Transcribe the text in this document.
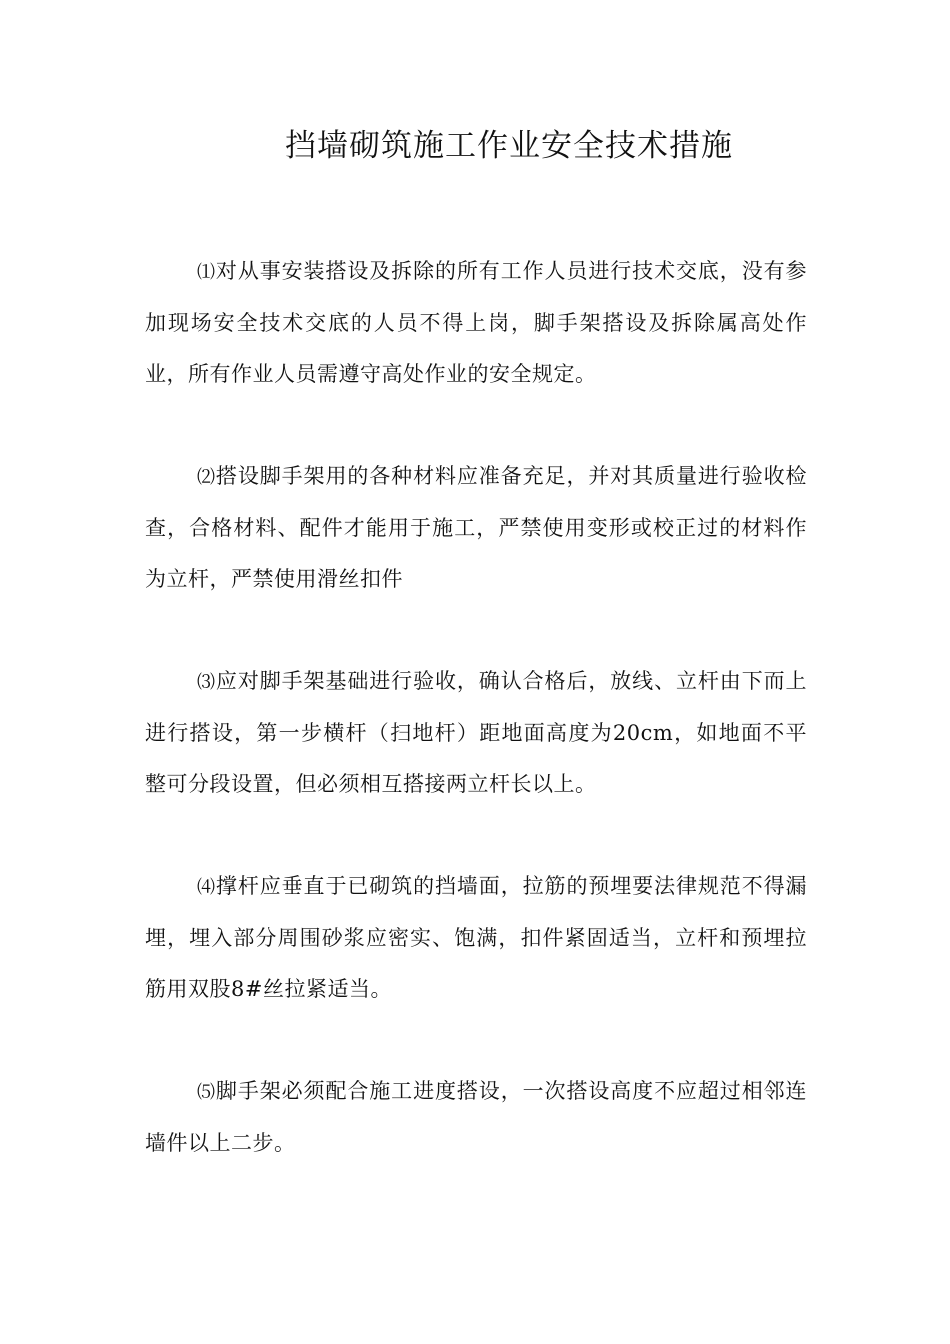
挡墙砌筑施工作业安全技术措施

⑴对从事安装搭设及拆除的所有工作人员进行技术交底，没有参加现场安全技术交底的人员不得上岗，脚手架搭设及拆除属高处作业，所有作业人员需遵守高处作业的安全规定。

⑵搭设脚手架用的各种材料应准备充足，并对其质量进行验收检查，合格材料、配件才能用于施工，严禁使用变形或校正过的材料作为立杆，严禁使用滑丝扣件

⑶应对脚手架基础进行验收，确认合格后，放线、立杆由下而上进行搭设，第一步横杆（扫地杆）距地面高度为20cm，如地面不平整可分段设置，但必须相互搭接两立杆长以上。

⑷撑杆应垂直于已砌筑的挡墙面，拉筋的预埋要法律规范不得漏埋，埋入部分周围砂浆应密实、饱满，扣件紧固适当，立杆和预埋拉筋用双股8#丝拉紧适当。

⑸脚手架必须配合施工进度搭设，一次搭设高度不应超过相邻连墙件以上二步。
